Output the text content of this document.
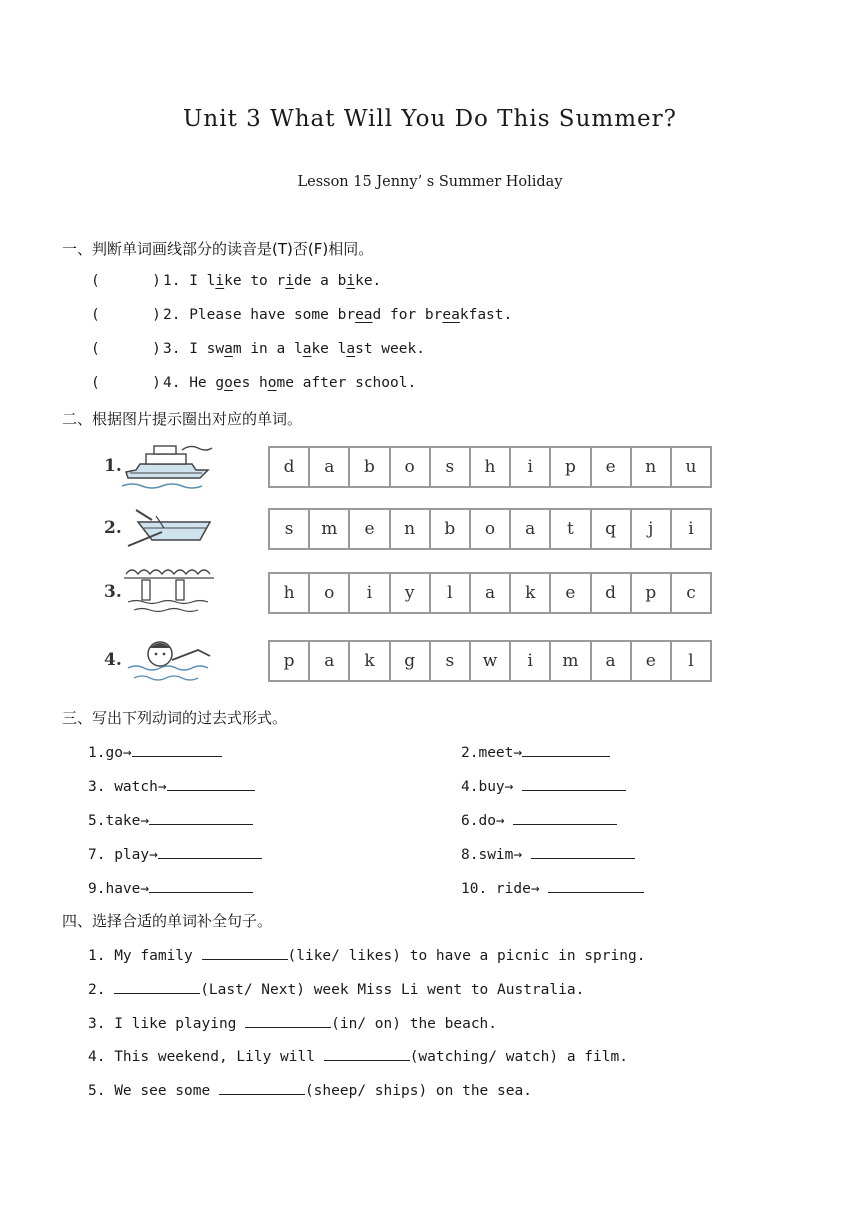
Unit 3 What Will You Do This Summer?
Lesson 15 Jenny’ s Summer Holiday
一、判断单词画线部分的读音是(T)否(F)相同。
(      ) 1. I like to ride a bike.
(      ) 2. Please have some bread for breakfast.
(      ) 3. I swam in a lake last week.
(      ) 4. He goes home after school.
二、根据图片提示圈出对应的单词。
1.	d	a	b	o	s	h	i	p	e	n	u
2.	s	m	e	n	b	o	a	t	q	j	i
3.	h	o	i	y	l	a	k	e	d	p	c
4.	p	a	k	g	s	w	i	m	a	e	l
三、写出下列动词的过去式形式。
1.go→	2.meet→
3. watch→	4.buy→
5.take→	6.do→
7. play→	8.swim→
9.have→	10. ride→
四、选择合适的单词补全句子。
1. My family	(like/ likes) to have a picnic in spring.
2.	(Last/ Next) week Miss Li went to Australia.
3. I like playing	(in/ on) the beach.
4. This weekend, Lily will	(watching/ watch) a film.
5. We see some	(sheep/ ships) on the sea.
